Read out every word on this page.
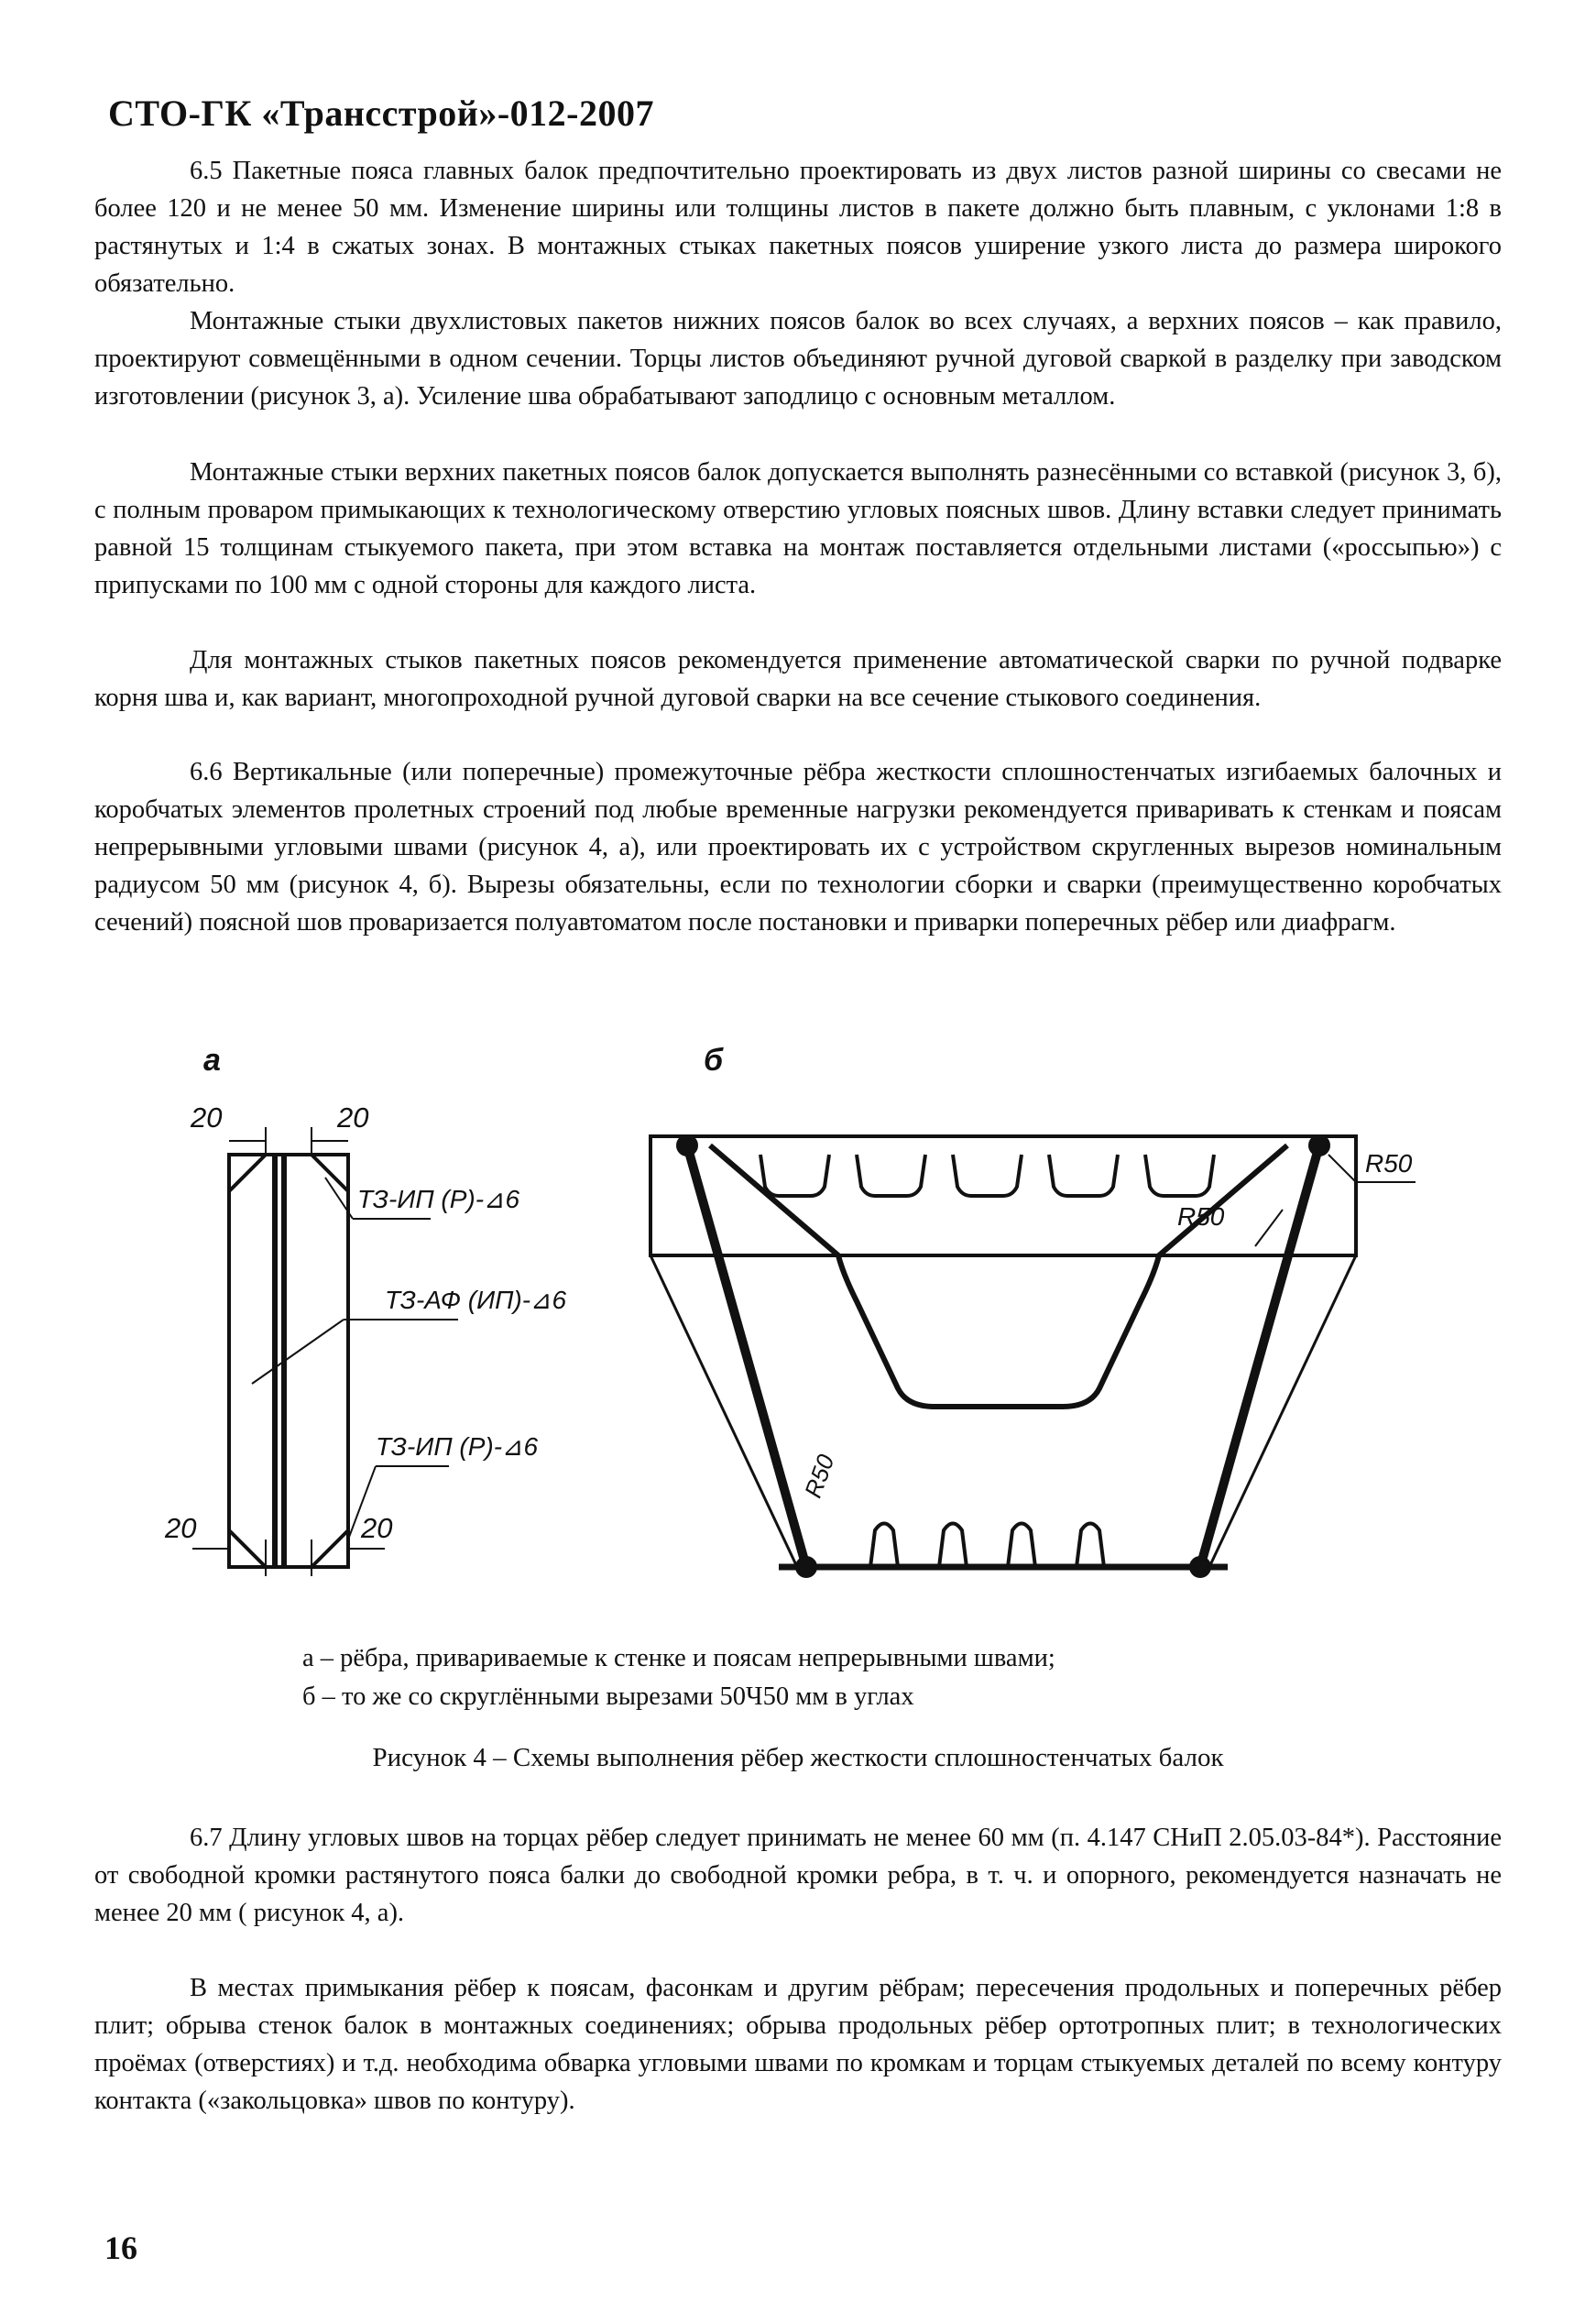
СТО-ГК «Трансстрой»-012-2007

6.5 Пакетные пояса главных балок предпочтительно проектировать из двух листов разной ширины со свесами не более 120 и не менее 50 мм. Изменение ширины или толщины листов в пакете должно быть плавным, с уклонами 1:8 в растянутых и 1:4 в сжатых зонах. В монтажных стыках пакетных поясов уширение узкого листа до размера широкого обязательно.

Монтажные стыки двухлистовых пакетов нижних поясов балок во всех случаях, а верхних поясов – как правило, проектируют совмещёнными в одном сечении. Торцы листов объединяют ручной дуговой сваркой в разделку при заводском изготовлении (рисунок 3, а). Усиление шва обрабатывают заподлицо с основным металлом.

Монтажные стыки верхних пакетных поясов балок допускается выполнять разнесёнными со вставкой (рисунок 3, б), с полным проваром примыкающих к технологическому отверстию угловых поясных швов. Длину вставки следует принимать равной 15 толщинам стыкуемого пакета, при этом вставка на монтаж поставляется отдельными листами («россыпью») с припусками по 100 мм с одной стороны для каждого листа.

Для монтажных стыков пакетных поясов рекомендуется применение автоматической сварки по ручной подварке корня шва и, как вариант, многопроходной ручной дуговой сварки на все сечение стыкового соединения.

6.6 Вертикальные (или поперечные) промежуточные рёбра жесткости сплошностенчатых изгибаемых балочных и коробчатых элементов пролетных строений под любые временные нагрузки рекомендуется приваривать к стенкам и поясам непрерывными угловыми швами (рисунок 4, а), или проектировать их с устройством скругленных вырезов номинальным радиусом 50 мм (рисунок 4, б). Вырезы обязательны, если по технологии сборки и сварки (преимущественно коробчатых сечений) поясной шов проваризается полуавтоматом после постановки и приварки поперечных рёбер или диафрагм.

а	б
20	20
ТЗ-ИП (Р)-⊿6
ТЗ-АФ (ИП)-⊿6
ТЗ-ИП (Р)-⊿6
20	20
R50
R50
R50
а – рёбра, привариваемые к стенке и поясам непрерывными швами;
б – то же со скруглёнными вырезами 50Ч50 мм в углах
Рисунок 4 – Схемы выполнения рёбер жесткости сплошностенчатых балок

6.7 Длину угловых швов на торцах рёбер следует принимать не менее 60 мм (п. 4.147 СНиП 2.05.03-84*). Расстояние от свободной кромки растянутого пояса балки до свободной кромки ребра, в т. ч. и опорного, рекомендуется назначать не менее 20 мм ( рисунок 4, а).

В местах примыкания рёбер к поясам, фасонкам и другим рёбрам; пересечения продольных и поперечных рёбер плит; обрыва стенок балок в монтажных соединениях; обрыва продольных рёбер ортотропных плит; в технологических проёмах (отверстиях) и т.д. необходима обварка угловыми швами по кромкам и торцам стыкуемых деталей по всему контуру контакта («закольцовка» швов по контуру).

16
